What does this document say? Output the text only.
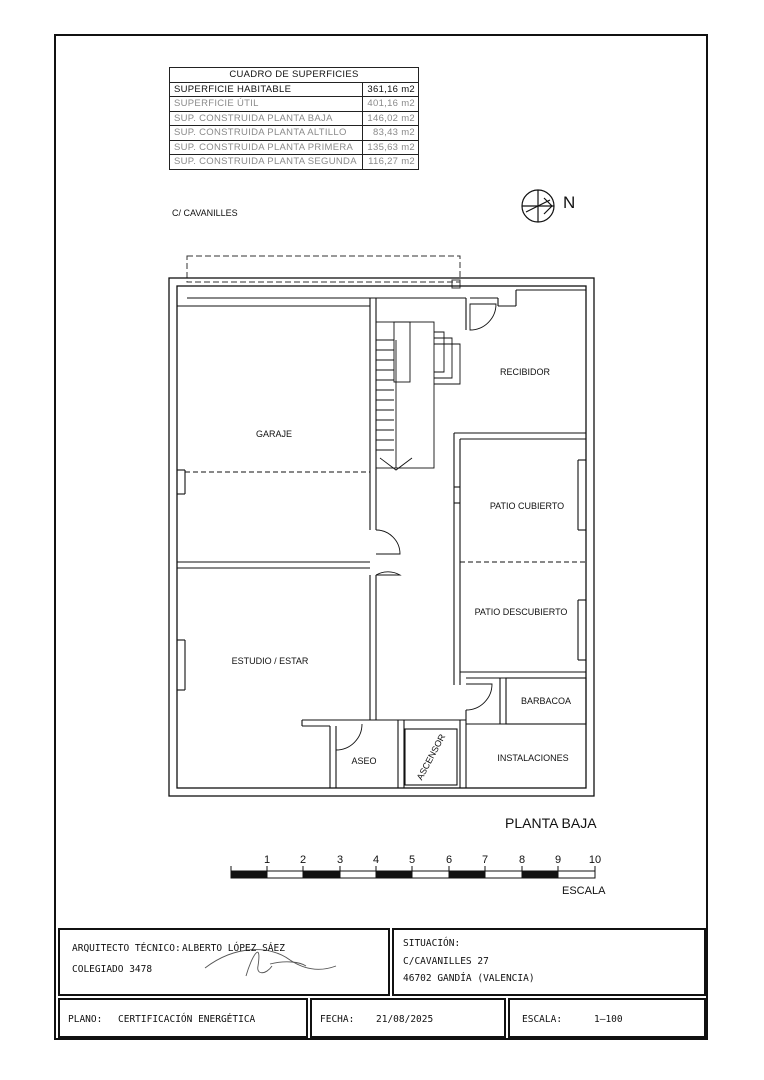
CUADRO DE SUPERFICIES	
SUPERFICIE HABITABLE	361,16 m2
SUPERFICIE ÚTIL	401,16 m2
SUP. CONSTRUIDA PLANTA BAJA	146,02 m2
SUP. CONSTRUIDA PLANTA ALTILLO	83,43 m2
SUP. CONSTRUIDA PLANTA PRIMERA	135,63 m2
SUP. CONSTRUIDA PLANTA SEGUNDA	116,27 m2
C/ CAVANILLES
N
GARAJE
RECIBIDOR
PATIO CUBIERTO
PATIO DESCUBIERTO
ESTUDIO / ESTAR
BARBACOA
INSTALACIONES
ASEO	ASCENSOR
PLANTA BAJA
1	2	3	4	5	6	7	8	9	10
ESCALA
ARQUITECTO TÉCNICO: ALBERTO LÓPEZ SÁEZ
COLEGIADO 3478
SITUACIÓN:
C/CAVANILLES 27
46702 GANDÍA (VALENCIA)
PLANO: CERTIFICACIÓN ENERGÉTICA	FECHA: 21/08/2025	ESCALA:	1—100
